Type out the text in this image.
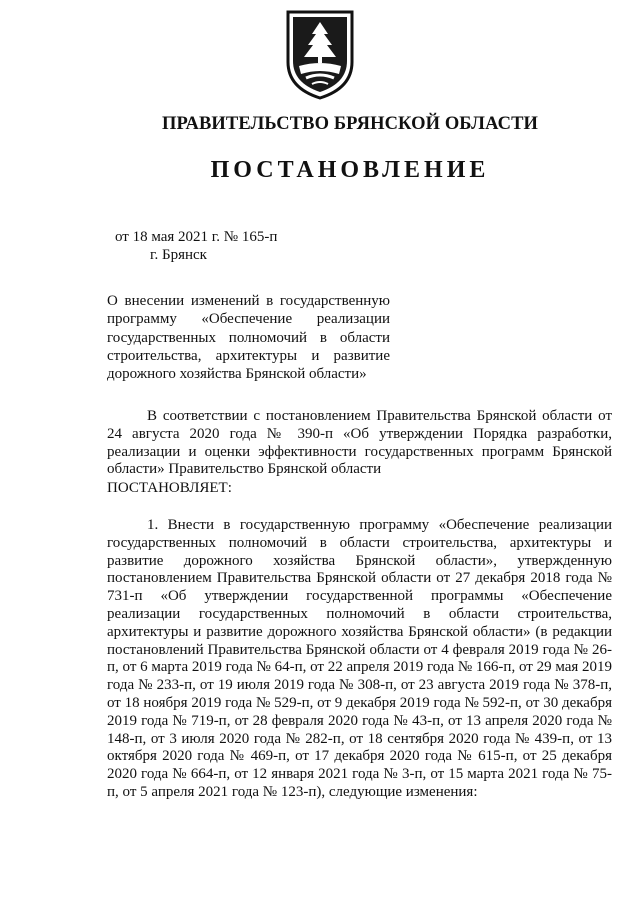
ПРАВИТЕЛЬСТВО БРЯНСКОЙ ОБЛАСТИ
ПОСТАНОВЛЕНИЕ
от 18 мая 2021 г. № 165-п
г. Брянск
О внесении изменений в государственную программу «Обеспечение реализации государственных полномочий в области строительства, архитектуры и развитие дорожного хозяйства Брянской области»

В соответствии с постановлением Правительства Брянской области от 24 августа 2020 года № 390-п «Об утверждении Порядка разработки, реализации и оценки эффективности государственных программ Брянской области» Правительство Брянской области

ПОСТАНОВЛЯЕТ:

1. Внести в государственную программу «Обеспечение реализации государственных полномочий в области строительства, архитектуры и развитие дорожного хозяйства Брянской области», утвержденную постановлением Правительства Брянской области от 27 декабря 2018 года № 731-п «Об утверждении государственной программы «Обеспечение реализации государственных полномочий в области строительства, архитектуры и развитие дорожного хозяйства Брянской области» (в редакции постановлений Правительства Брянской области от 4 февраля 2019 года № 26-п, от 6 марта 2019 года № 64-п, от 22 апреля 2019 года № 166-п, от 29 мая 2019 года № 233-п, от 19 июля 2019 года № 308-п, от 23 августа 2019 года № 378-п, от 18 ноября 2019 года № 529-п, от 9 декабря 2019 года № 592-п, от 30 декабря 2019 года № 719-п, от 28 февраля 2020 года № 43-п, от 13 апреля 2020 года № 148-п, от 3 июля 2020 года № 282-п, от 18 сентября 2020 года № 439-п, от 13 октября 2020 года № 469-п, от 17 декабря 2020 года № 615-п, от 25 декабря 2020 года № 664-п, от 12 января 2021 года № 3-п, от 15 марта 2021 года № 75-п, от 5 апреля 2021 года № 123-п), следующие изменения:
